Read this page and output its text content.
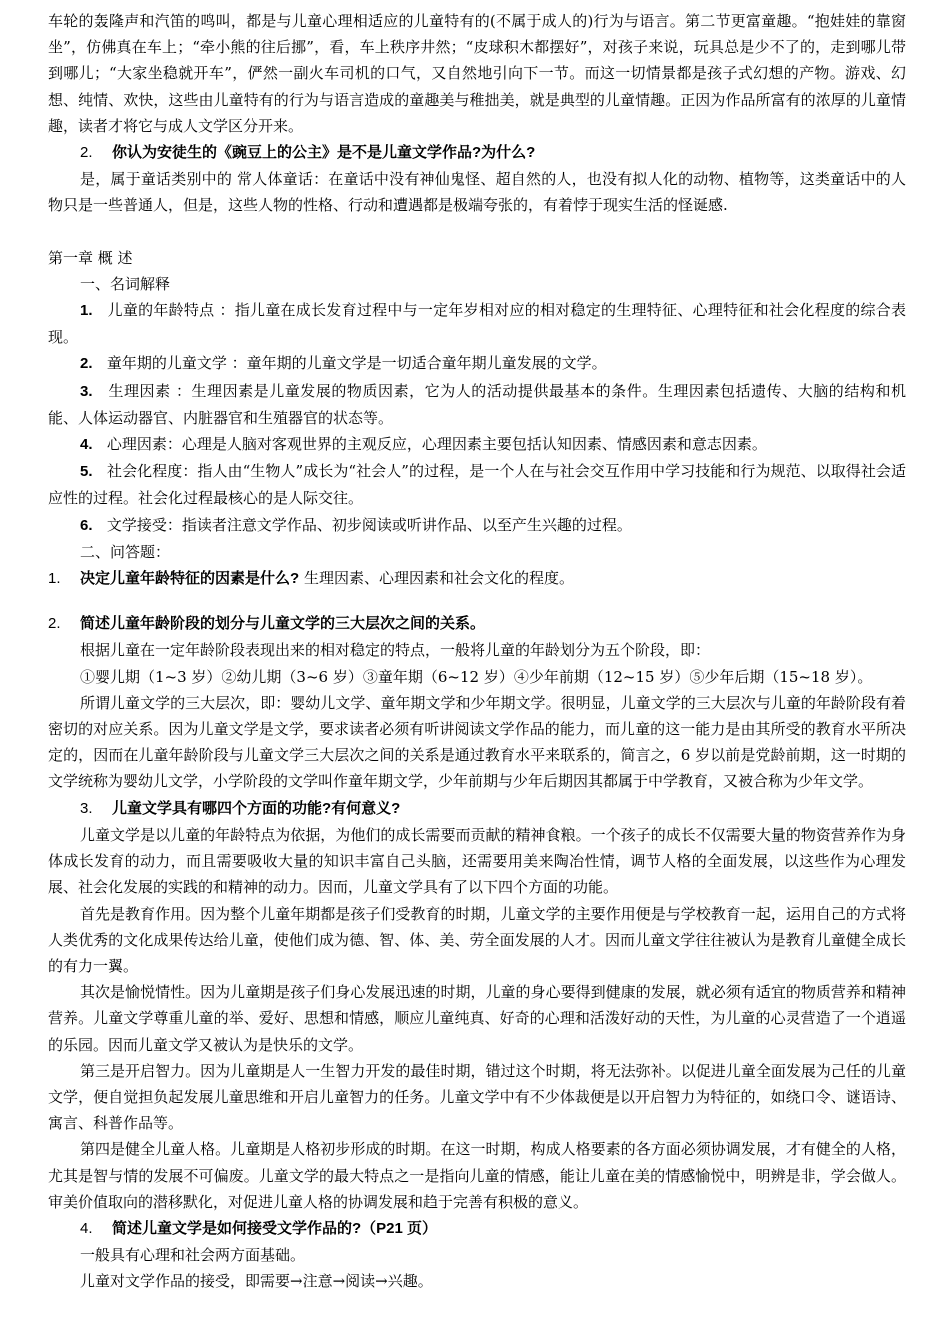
车轮的轰隆声和汽笛的鸣叫，都是与儿童心理相适应的儿童特有的(不属于成人的)行为与语言。第二节更富童趣。“抱娃娃的靠窗坐”，仿佛真在车上；“牵小熊的往后挪”，看，车上秩序井然；“皮球积木都摆好”，对孩子来说，玩具总是少不了的，走到哪儿带到哪儿；“大家坐稳就开车”，俨然一副火车司机的口气，又自然地引向下一节。而这一切情景都是孩子式幻想的产物。游戏、幻想、纯情、欢快，这些由儿童特有的行为与语言造成的童趣美与稚拙美，就是典型的儿童情趣。正因为作品所富有的浓厚的儿童情趣，读者才将它与成人文学区分开来。

2. 你认为安徒生的《豌豆上的公主》是不是儿童文学作品?为什么?

是，属于童话类别中的 常人体童话：在童话中没有神仙鬼怪、超自然的人，也没有拟人化的动物、植物等，这类童话中的人物只是一些普通人，但是，这些人物的性格、行动和遭遇都是极端夸张的，有着悖于现实生活的怪诞感.

第一章 概 述

一、名词解释

1. 儿童的年龄特点 ：指儿童在成长发育过程中与一定年岁相对应的相对稳定的生理特征、心理特征和社会化程度的综合表现。

2. 童年期的儿童文学 ：童年期的儿童文学是一切适合童年期儿童发展的文学。

3. 生理因素 ：生理因素是儿童发展的物质因素，它为人的活动提供最基本的条件。生理因素包括遗传、大脑的结构和机能、人体运动器官、内脏器官和生殖器官的状态等。

4. 心理因素：心理是人脑对客观世界的主观反应，心理因素主要包括认知因素、情感因素和意志因素。

5. 社会化程度：指人由“生物人”成长为“社会人”的过程，是一个人在与社会交互作用中学习技能和行为规范、以取得社会适应性的过程。社会化过程最核心的是人际交往。

6. 文学接受：指读者注意文学作品、初步阅读或听讲作品、以至产生兴趣的过程。

二、问答题：

1. 决定儿童年龄特征的因素是什么? 生理因素、心理因素和社会文化的程度。

2. 简述儿童年龄阶段的划分与儿童文学的三大层次之间的关系。

根据儿童在一定年龄阶段表现出来的相对稳定的特点，一般将儿童的年龄划分为五个阶段，即：

①婴儿期（1~3 岁）②幼儿期（3~6 岁）③童年期（6~12 岁）④少年前期（12~15 岁）⑤少年后期（15~18 岁）。

所谓儿童文学的三大层次，即：婴幼儿文学、童年期文学和少年期文学。很明显，儿童文学的三大层次与儿童的年龄阶段有着密切的对应关系。因为儿童文学是文学，要求读者必须有听讲阅读文学作品的能力，而儿童的这一能力是由其所受的教育水平所决定的，因而在儿童年龄阶段与儿童文学三大层次之间的关系是通过教育水平来联系的，简言之，6 岁以前是党龄前期，这一时期的文学统称为婴幼儿文学，小学阶段的文学叫作童年期文学，少年前期与少年后期因其都属于中学教育，又被合称为少年文学。

3. 儿童文学具有哪四个方面的功能?有何意义?

儿童文学是以儿童的年龄特点为依据，为他们的成长需要而贡献的精神食粮。一个孩子的成长不仅需要大量的物资营养作为身体成长发育的动力，而且需要吸收大量的知识丰富自己头脑，还需要用美来陶冶性情，调节人格的全面发展，以这些作为心理发展、社会化发展的实践的和精神的动力。因而，儿童文学具有了以下四个方面的功能。

首先是教育作用。因为整个儿童年期都是孩子们受教育的时期，儿童文学的主要作用便是与学校教育一起，运用自己的方式将人类优秀的文化成果传达给儿童，使他们成为德、智、体、美、劳全面发展的人才。因而儿童文学往往被认为是教育儿童健全成长的有力一翼。

其次是愉悦情性。因为儿童期是孩子们身心发展迅速的时期，儿童的身心要得到健康的发展，就必须有适宜的物质营养和精神营养。儿童文学尊重儿童的举、爱好、思想和情感，顺应儿童纯真、好奇的心理和活泼好动的天性，为儿童的心灵营造了一个逍遥的乐园。因而儿童文学又被认为是快乐的文学。

第三是开启智力。因为儿童期是人一生智力开发的最佳时期，错过这个时期，将无法弥补。以促进儿童全面发展为己任的儿童文学，便自觉担负起发展儿童思维和开启儿童智力的任务。儿童文学中有不少体裁便是以开启智力为特征的，如绕口令、谜语诗、寓言、科普作品等。

第四是健全儿童人格。儿童期是人格初步形成的时期。在这一时期，构成人格要素的各方面必须协调发展，才有健全的人格，尤其是智与情的发展不可偏废。儿童文学的最大特点之一是指向儿童的情感，能让儿童在美的情感愉悦中，明辨是非，学会做人。审美价值取向的潜移默化，对促进儿童人格的协调发展和趋于完善有积极的意义。

4. 简述儿童文学是如何接受文学作品的?（P21 页）

一般具有心理和社会两方面基础。

儿童对文学作品的接受，即需要→注意→阅读→兴趣。
